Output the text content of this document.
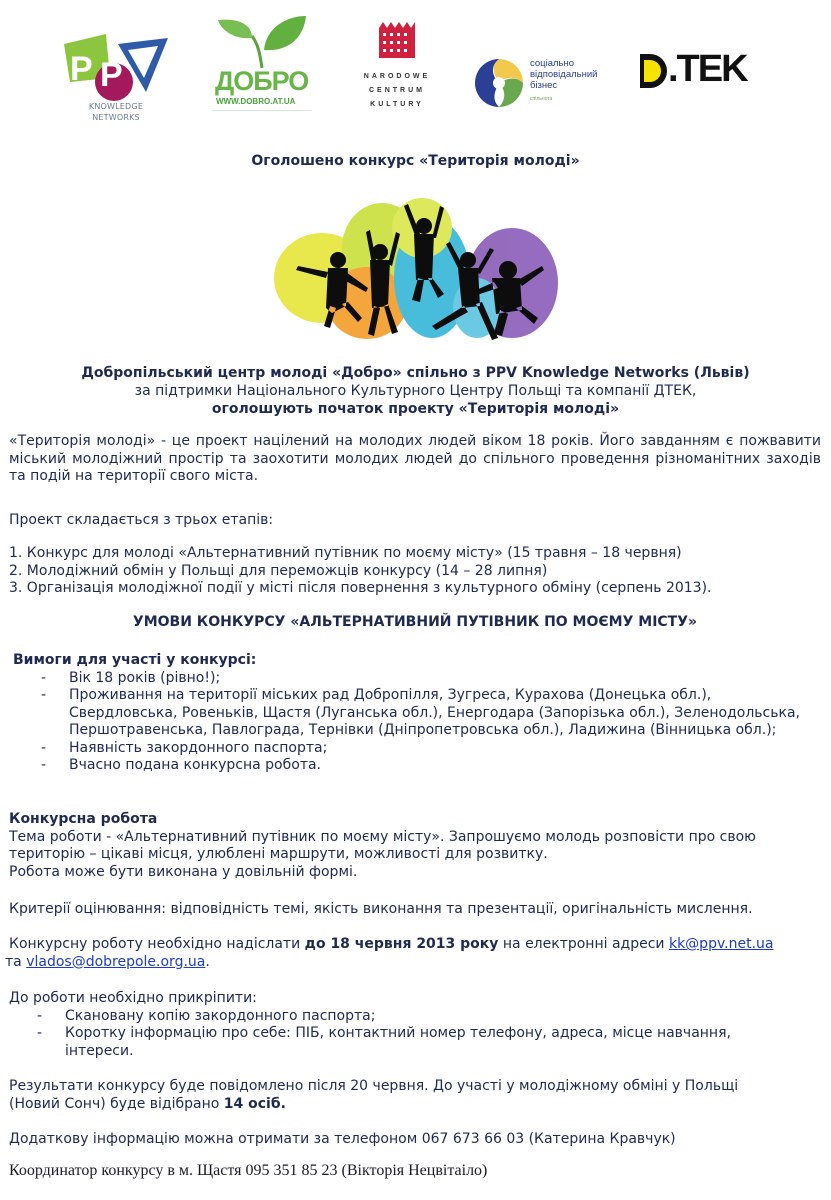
P P
KNOWLEDGE
NETWORKS
ДОБРО
WWW.DOBRO.AT.UA
NARODOWE
CENTRUM
KULTURY
соціально
відповідальний
бізнес
спільнота
.TEK
Оголошено конкурс «Територія молоді»
Добропільський центр молоді «Добро» спільно з PPV Knowledge Networks (Львів)
за підтримки Національного Культурного Центру Польщі та компанії ДТЕК,
оголошують початок проекту «Територія молоді»
«Територія молоді» - це проект націлений на молодих людей віком 18 років. Його завданням є пожвавити міський молодіжний простір та заохотити молодих людей до спільного проведення різноманітних заходів та подій на території свого міста.
Проект складається з трьох етапів:
1. Конкурс для молоді «Альтернативний путівник по моєму місту» (15 травня – 18 червня)
2. Молодіжний обмін у Польщі для переможців конкурсу (14 – 28 липня)
3. Організація молодіжної події у місті після повернення з культурного обміну (серпень 2013).
УМОВИ КОНКУРСУ «АЛЬТЕРНАТИВНИЙ ПУТІВНИК ПО МОЄМУ МІСТУ»
Вимоги для участі у конкурсі:
- Вік 18 років (рівно!);
- Проживання на території міських рад Добропілля, Зугреса, Курахова (Донецька обл.), Свердловська, Ровеньків, Щастя (Луганська обл.), Енергодара (Запорізька обл.), Зеленодольська, Першотравенська, Павлограда, Тернівки (Дніпропетровська обл.), Ладижина (Вінницька обл.);
- Наявність закордонного паспорта;
- Вчасно подана конкурсна робота.
Конкурсна робота
Тема роботи - «Альтернативний путівник по моєму місту». Запрошуємо молодь розповісти про свою територію – цікаві місця, улюблені маршрути, можливості для розвитку.
Робота може бути виконана у довільній формі.
Критерії оцінювання: відповідність темі, якість виконання та презентації, оригінальність мислення.
Конкурсну роботу необхідно надіслати до 18 червня 2013 року на електронні адреси kk@ppv.net.ua
та vlados@dobrepole.org.ua.
До роботи необхідно прикріпити:
- Скановану копію закордонного паспорта;
- Коротку інформацію про себе: ПІБ, контактний номер телефону, адреса, місце навчання, інтереси.
Результати конкурсу буде повідомлено після 20 червня. До участі у молодіжному обміні у Польщі (Новий Сонч) буде відібрано 14 осіб.
Додаткову інформацію можна отримати за телефоном 067 673 66 03 (Катерина Кравчук)
Координатор конкурсу в м. Щастя 095 351 85 23 (Вікторія Нецвітаіло)
